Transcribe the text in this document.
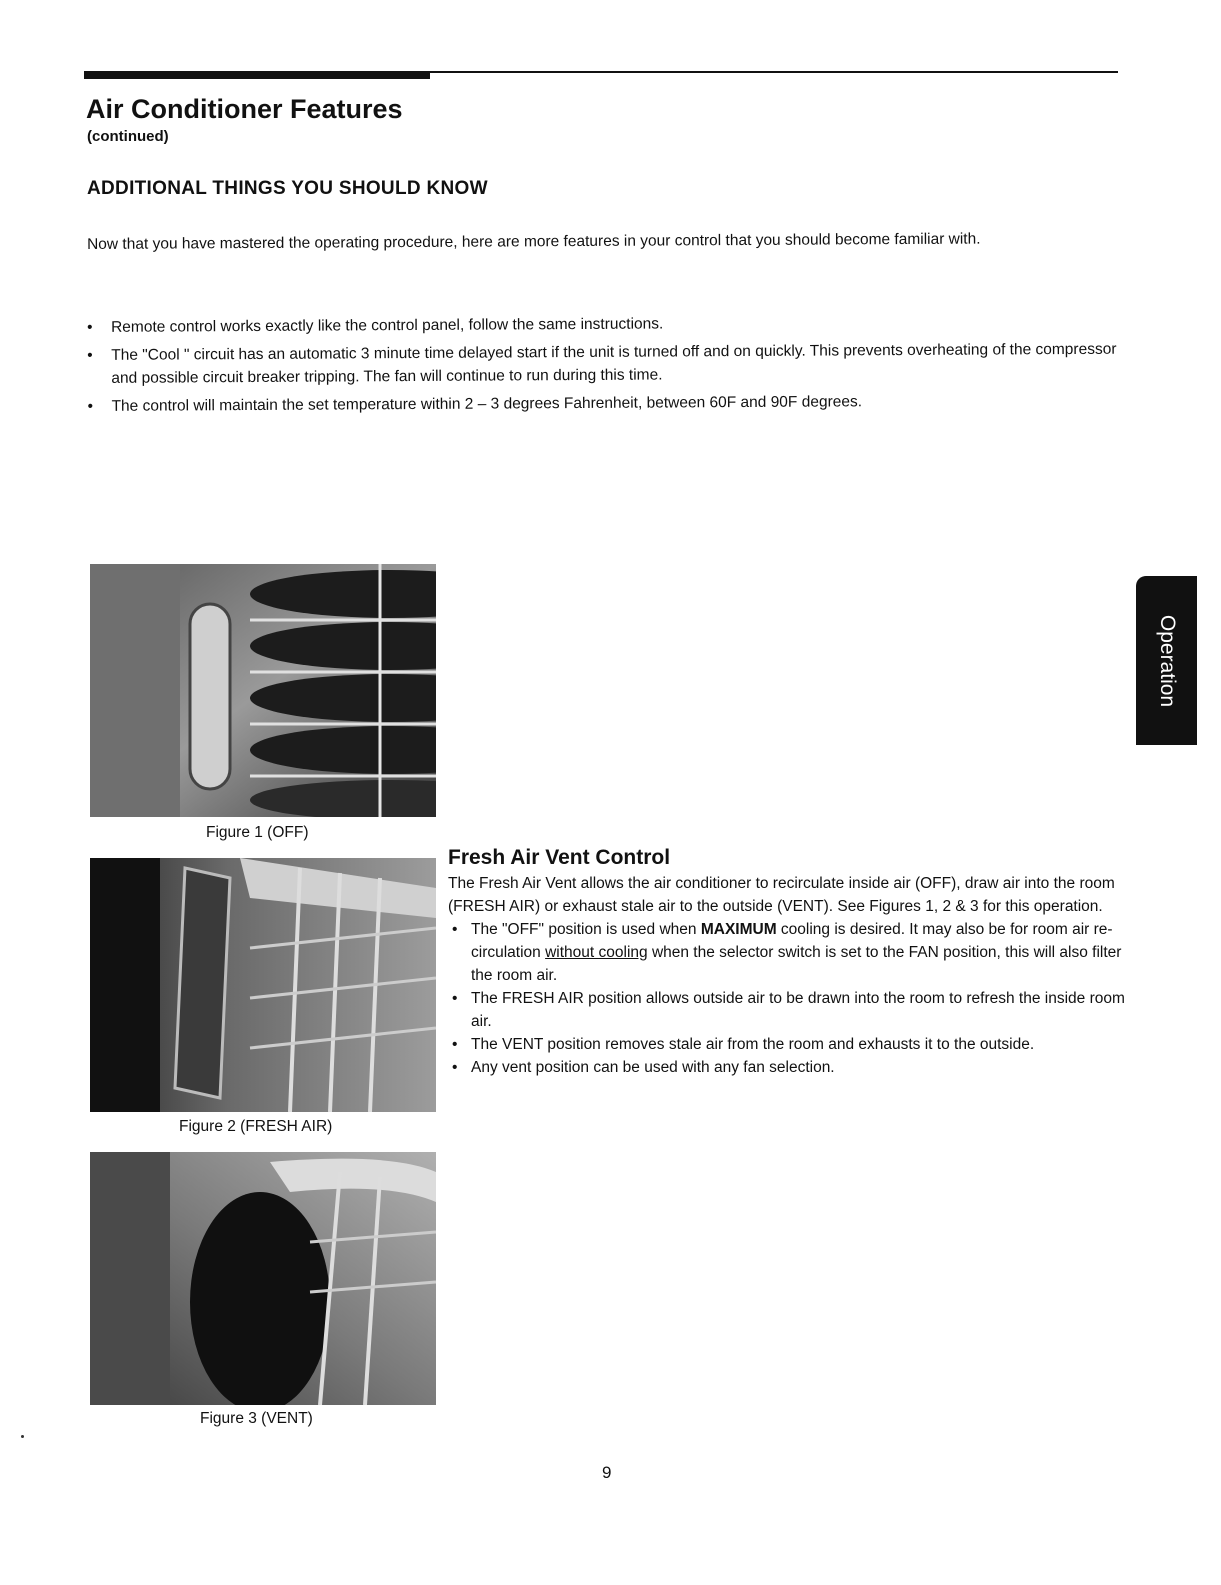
Air Conditioner Features
(continued)
ADDITIONAL THINGS YOU SHOULD KNOW
Now that you have mastered the operating procedure, here are more features in your control that you should become familiar with.
• Remote control works exactly like the control panel, follow the same instructions.
• The "Cool " circuit has an automatic 3 minute time delayed start if the unit is turned off and on quickly. This prevents overheating of the compressor and possible circuit breaker tripping. The fan will continue to run during this time.
• The control will maintain the set temperature within 2 – 3 degrees Fahrenheit, between 60F and 90F degrees.
Figure 1 (OFF)
Figure 2 (FRESH AIR)
Figure 3 (VENT)
Fresh Air Vent Control

The Fresh Air Vent allows the air conditioner to recirculate inside air (OFF), draw air into the room (FRESH AIR) or exhaust stale air to the outside (VENT). See Figures 1, 2 & 3 for this operation.

• The "OFF" position is used when MAXIMUM cooling is desired. It may also be for room air re-circulation without cooling when the selector switch is set to the FAN position, this will also filter the room air.
• The FRESH AIR position allows outside air to be drawn into the room to refresh the inside room air.
• The VENT position removes stale air from the room and exhausts it to the outside.
• Any vent position can be used with any fan selection.
Operation
9
